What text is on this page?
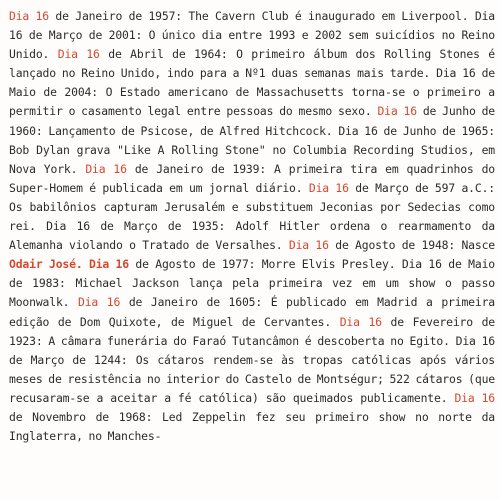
Dia 16 de Janeiro de 1957: The Cavern Club é inaugurado em Liverpool. Dia 16 de Março de 2001: O único dia entre 1993 e 2002 sem suicídios no Reino Unido. Dia 16 de Abril de 1964: O primeiro álbum dos Rolling Stones é lançado no Reino Unido, indo para a Nº1 duas semanas mais tarde. Dia 16 de Maio de 2004: O Estado americano de Massachusetts torna-se o primeiro a permitir o casamento legal entre pessoas do mesmo sexo. Dia 16 de Junho de 1960: Lançamento de Psicose, de Alfred Hitchcock. Dia 16 de Junho de 1965: Bob Dylan grava "Like A Rolling Stone" no Columbia Recording Studios, em Nova York. Dia 16 de Janeiro de 1939: A primeira tira em quadrinhos do Super-Homem é publicada em um jornal diário. Dia 16 de Março de 597 a.C.: Os babilônios capturam Jerusalém e substituem Jeconias por Sedecias como rei. Dia 16 de Março de 1935: Adolf Hitler ordena o rearmamento da Alemanha violando o Tratado de Versalhes. Dia 16 de Agosto de 1948: Nasce Odair José. Dia 16 de Agosto de 1977: Morre Elvis Presley. Dia 16 de Maio de 1983: Michael Jackson lança pela primeira vez em um show o passo Moonwalk. Dia 16 de Janeiro de 1605: É publicado em Madrid a primeira edição de Dom Quixote, de Miguel de Cervantes. Dia 16 de Fevereiro de 1923: A câmara funerária do Faraó Tutancâmon é descoberta no Egito. Dia 16 de Março de 1244: Os cátaros rendem-se às tropas católicas após vários meses de resistência no interior do Castelo de Montségur; 522 cátaros (que recusaram-se a aceitar a fé católica) são queimados publicamente. Dia 16 de Novembro de 1968: Led Zeppelin fez seu primeiro show no norte da Inglaterra, no Manches-
